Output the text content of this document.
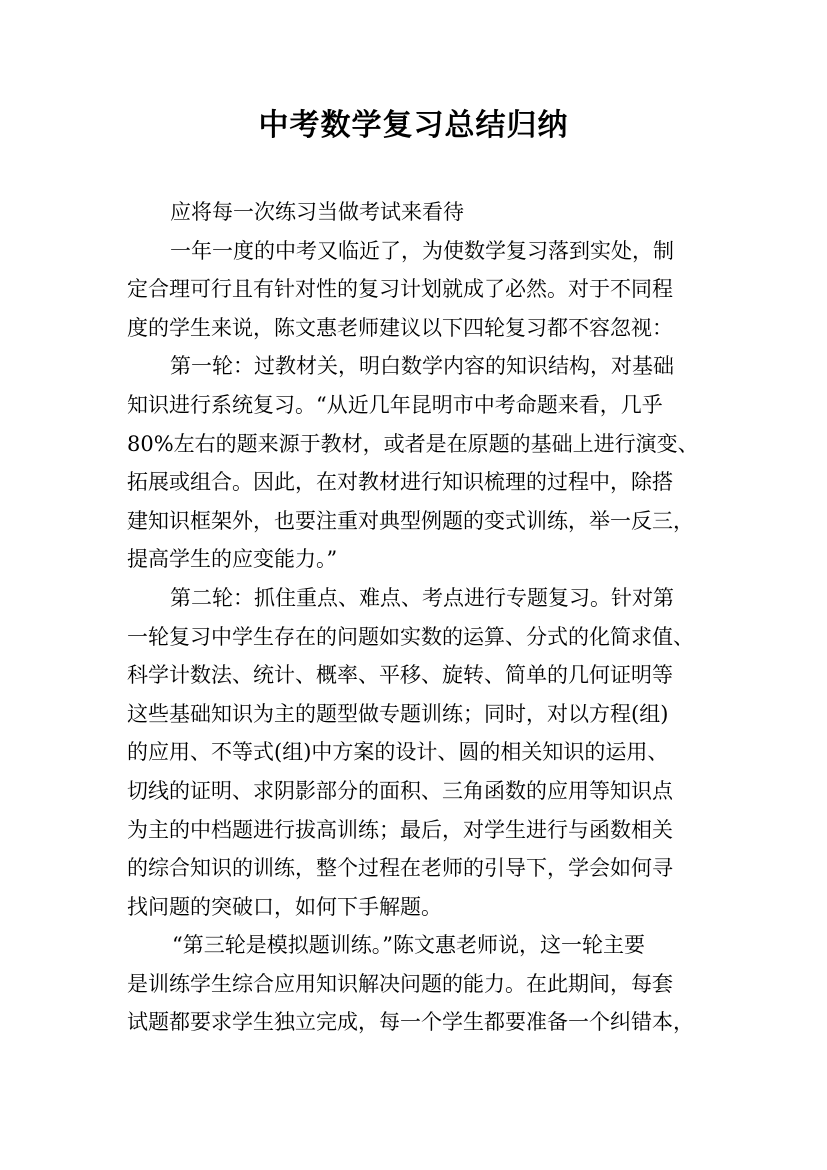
中考数学复习总结归纳
应将每一次练习当做考试来看待
一年一度的中考又临近了，为使数学复习落到实处，制
定合理可行且有针对性的复习计划就成了必然。对于不同程
度的学生来说，陈文惠老师建议以下四轮复习都不容忽视：
第一轮：过教材关，明白数学内容的知识结构，对基础
知识进行系统复习。“从近几年昆明市中考命题来看，几乎
80%左右的题来源于教材，或者是在原题的基础上进行演变、
拓展或组合。因此，在对教材进行知识梳理的过程中，除搭
建知识框架外，也要注重对典型例题的变式训练，举一反三，
提高学生的应变能力。”
第二轮：抓住重点、难点、考点进行专题复习。针对第
一轮复习中学生存在的问题如实数的运算、分式的化简求值、
科学计数法、统计、概率、平移、旋转、简单的几何证明等
这些基础知识为主的题型做专题训练；同时，对以方程(组)
的应用、不等式(组)中方案的设计、圆的相关知识的运用、
切线的证明、求阴影部分的面积、三角函数的应用等知识点
为主的中档题进行拔高训练；最后，对学生进行与函数相关
的综合知识的训练，整个过程在老师的引导下，学会如何寻
找问题的突破口，如何下手解题。
“第三轮是模拟题训练。”陈文惠老师说，这一轮主要
是训练学生综合应用知识解决问题的能力。在此期间，每套
试题都要求学生独立完成，每一个学生都要准备一个纠错本，
